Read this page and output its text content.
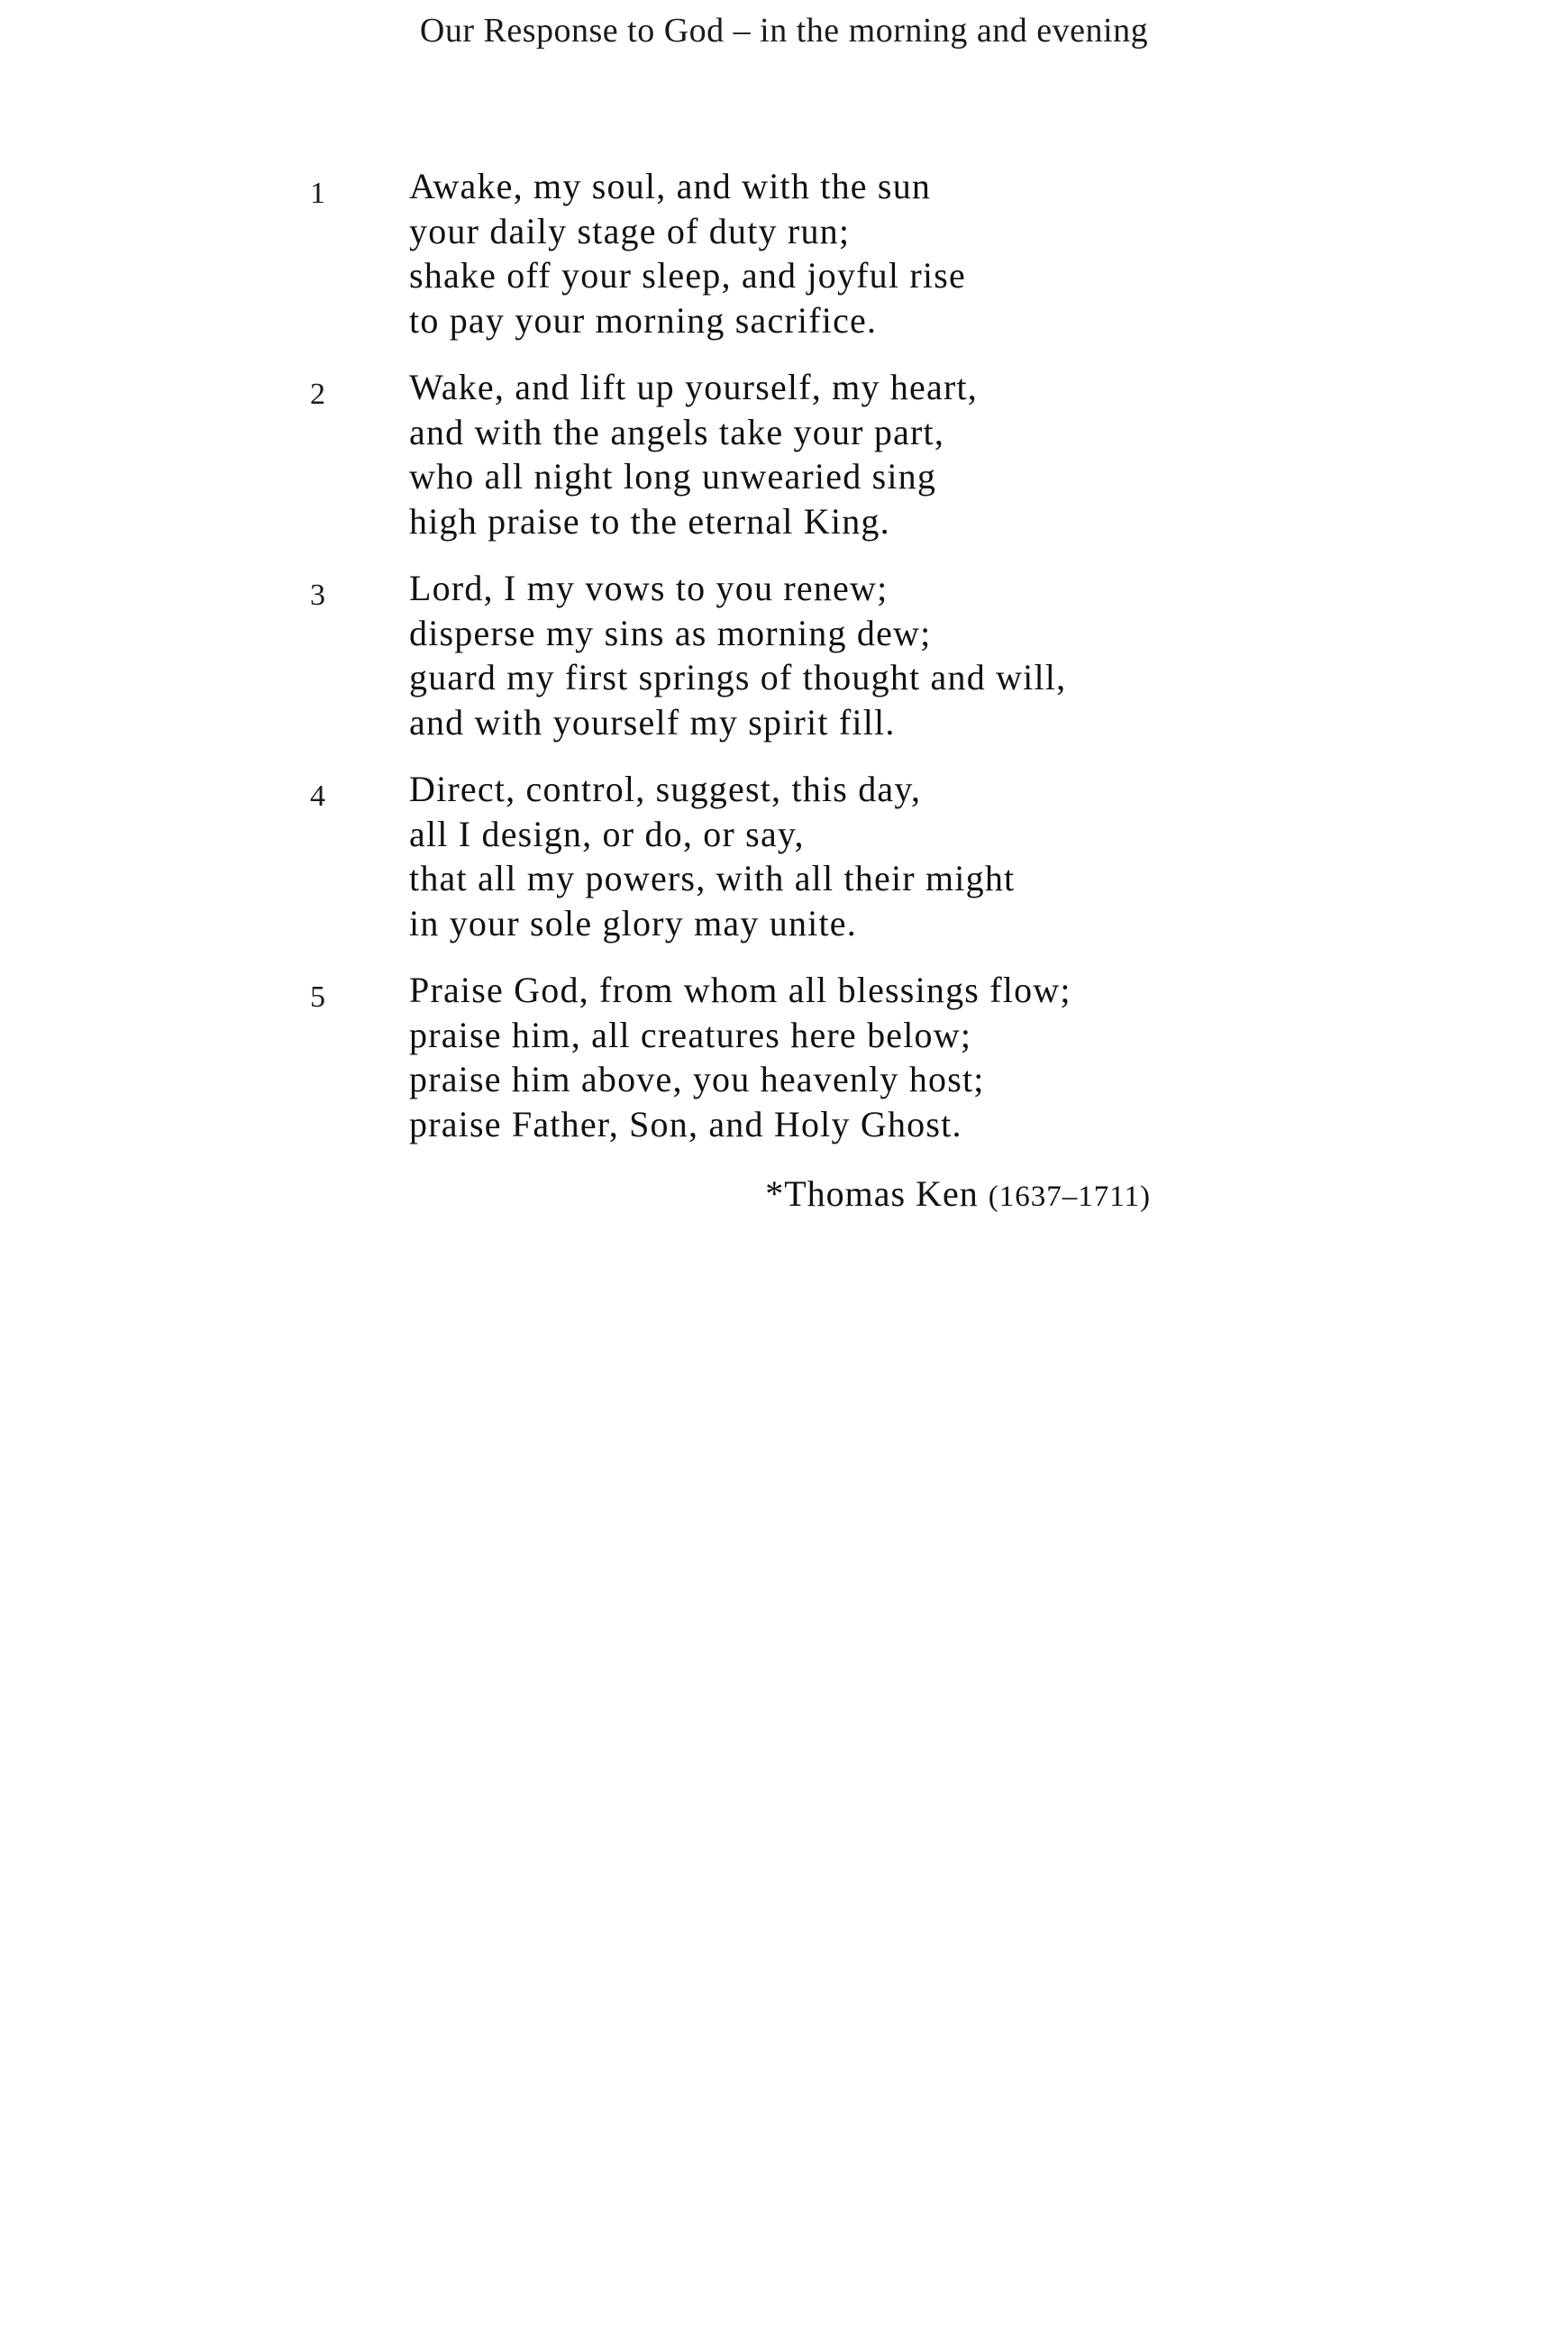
Our Response to God – in the morning and evening
1	Awake, my soul, and with the sun
your daily stage of duty run;
shake off your sleep, and joyful rise
to pay your morning sacrifice.
2	Wake, and lift up yourself, my heart,
and with the angels take your part,
who all night long unwearied sing
high praise to the eternal King.
3	Lord, I my vows to you renew;
disperse my sins as morning dew;
guard my first springs of thought and will,
and with yourself my spirit fill.
4	Direct, control, suggest, this day,
all I design, or do, or say,
that all my powers, with all their might
in your sole glory may unite.
5	Praise God, from whom all blessings flow;
praise him, all creatures here below;
praise him above, you heavenly host;
praise Father, Son, and Holy Ghost.
*Thomas Ken (1637–1711)
